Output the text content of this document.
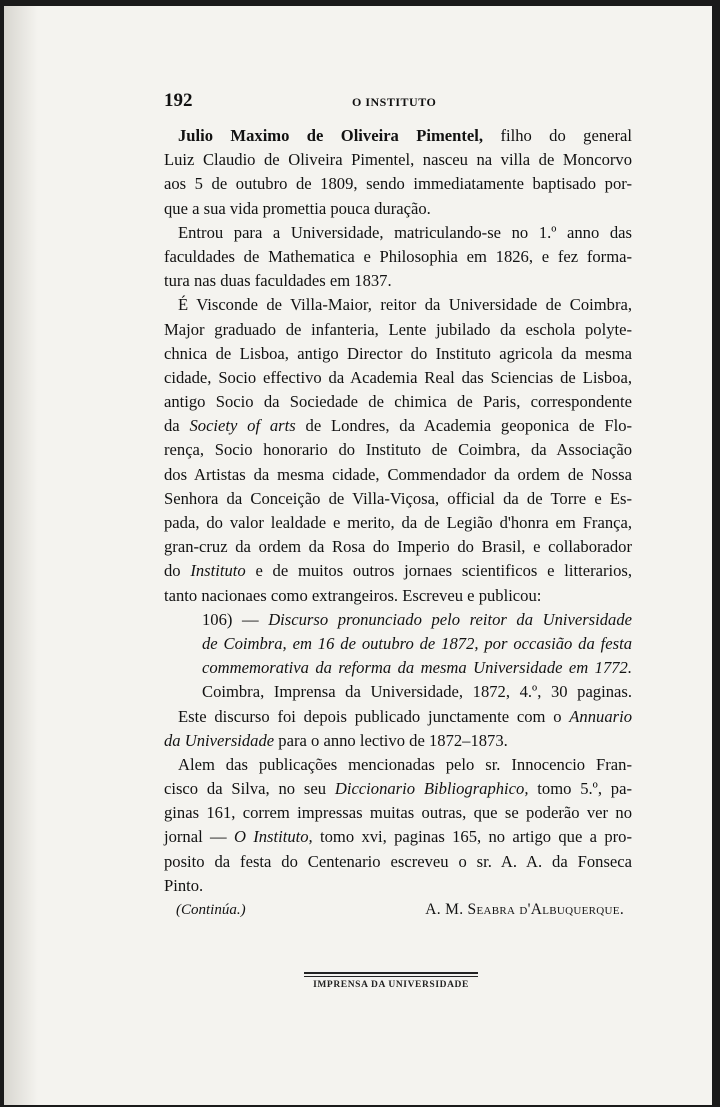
192	O INSTITUTO
Julio Maximo de Oliveira Pimentel, filho do general
Luiz Claudio de Oliveira Pimentel, nasceu na villa de Moncorvo
aos 5 de outubro de 1809, sendo immediatamente baptisado por-
que a sua vida promettia pouca duração.
Entrou para a Universidade, matriculando-se no 1.º anno das
faculdades de Mathematica e Philosophia em 1826, e fez forma-
tura nas duas faculdades em 1837.
É Visconde de Villa-Maior, reitor da Universidade de Coimbra,
Major graduado de infanteria, Lente jubilado da eschola polyte-
chnica de Lisboa, antigo Director do Instituto agricola da mesma
cidade, Socio effectivo da Academia Real das Sciencias de Lisboa,
antigo Socio da Sociedade de chimica de Paris, correspondente
da Society of arts de Londres, da Academia geoponica de Flo-
rença, Socio honorario do Instituto de Coimbra, da Associação
dos Artistas da mesma cidade, Commendador da ordem de Nossa
Senhora da Conceição de Villa-Viçosa, official da de Torre e Es-
pada, do valor lealdade e merito, da de Legião d'honra em França,
gran-cruz da ordem da Rosa do Imperio do Brasil, e collaborador
do Instituto e de muitos outros jornaes scientificos e litterarios,
tanto nacionaes como extrangeiros. Escreveu e publicou:
106) — Discurso pronunciado pelo reitor da Universidade
de Coimbra, em 16 de outubro de 1872, por occasião da festa
commemorativa da reforma da mesma Universidade em 1772.
Coimbra, Imprensa da Universidade, 1872, 4.º, 30 paginas.
Este discurso foi depois publicado junctamente com o Annuario
da Universidade para o anno lectivo de 1872–1873.
Alem das publicações mencionadas pelo sr. Innocencio Fran-
cisco da Silva, no seu Diccionario Bibliographico, tomo 5.º, pa-
ginas 161, correm impressas muitas outras, que se poderão ver no
jornal — O Instituto, tomo xvi, paginas 165, no artigo que a pro-
posito da festa do Centenario escreveu o sr. A. A. da Fonseca
Pinto.
(Continúa.)	A. M. Seabra d'Albuquerque.
IMPRENSA DA UNIVERSIDADE
